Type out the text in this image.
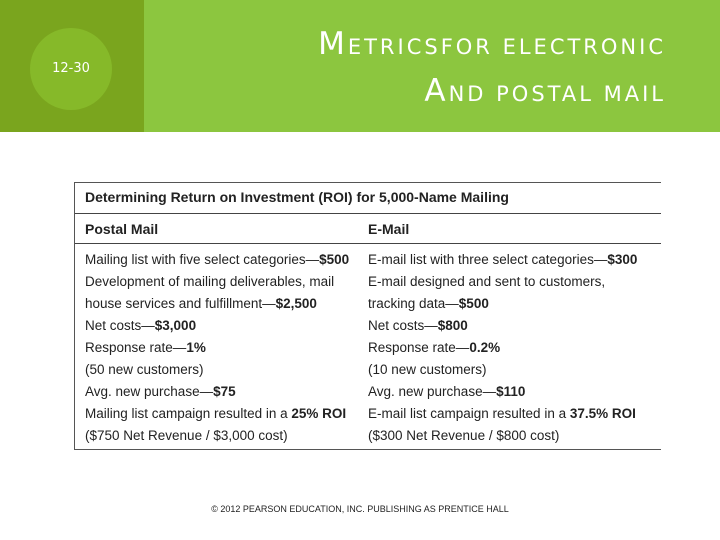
12-30
METRICSFOR ELECTRONIC
AND POSTAL MAIL
Determining Return on Investment (ROI) for 5,000-Name Mailing
Postal Mail	E-Mail
Mailing list with five select categories—$500
Development of mailing deliverables, mail house services and fulfillment—$2,500
Net costs—$3,000
Response rate—1%
(50 new customers)
Avg. new purchase—$75
Mailing list campaign resulted in a 25% ROI
($750 Net Revenue / $3,000 cost)
E-mail list with three select categories—$300
E-mail designed and sent to customers, tracking data—$500
Net costs—$800
Response rate—0.2%
(10 new customers)
Avg. new purchase—$110
E-mail list campaign resulted in a 37.5% ROI
($300 Net Revenue / $800 cost)
© 2012 PEARSON EDUCATION, INC. PUBLISHING AS PRENTICE HALL
